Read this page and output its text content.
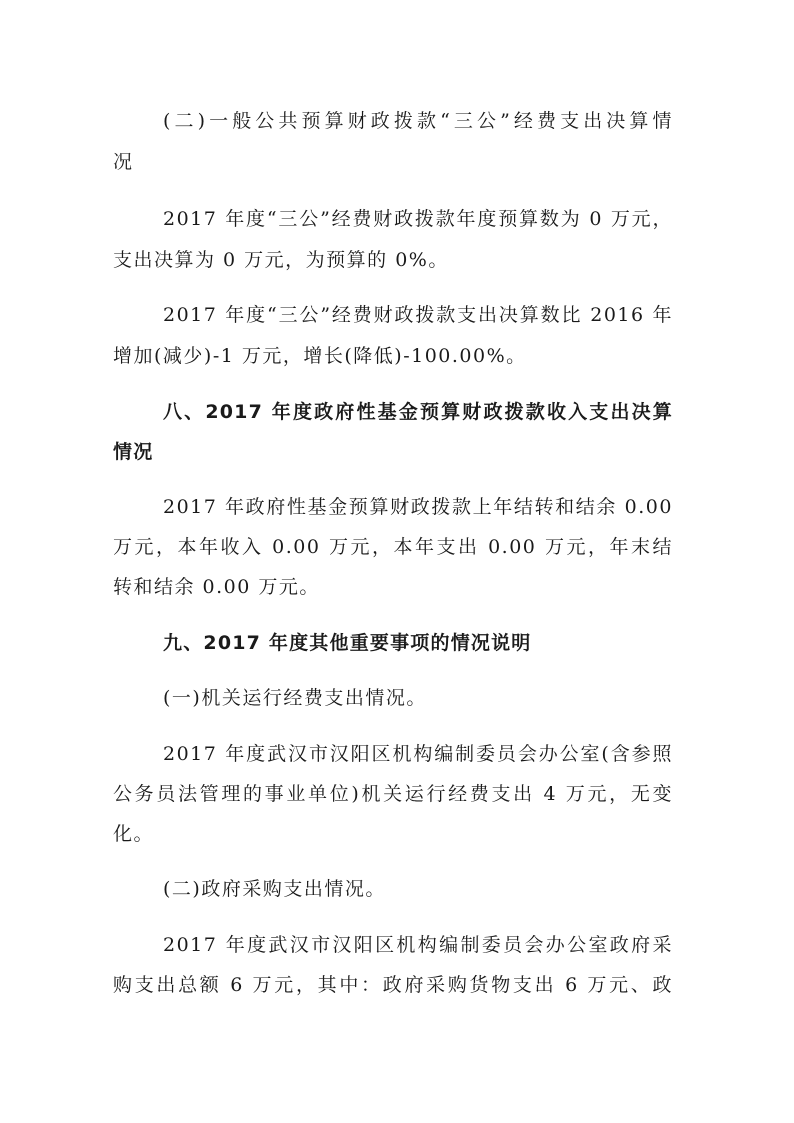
(二)一般公共预算财政拨款“三公”经费支出决算情
况
2017 年度“三公”经费财政拨款年度预算数为 0 万元，
支出决算为 0 万元，为预算的 0%。
2017 年度“三公”经费财政拨款支出决算数比 2016 年
增加(减少)-1 万元，增长(降低)-100.00%。
八、2017 年度政府性基金预算财政拨款收入支出决算
情况
2017 年政府性基金预算财政拨款上年结转和结余 0.00
万元，本年收入 0.00 万元，本年支出 0.00 万元，年末结
转和结余 0.00 万元。
九、2017 年度其他重要事项的情况说明
(一)机关运行经费支出情况。
2017 年度武汉市汉阳区机构编制委员会办公室(含参照
公务员法管理的事业单位)机关运行经费支出 4 万元，无变
化。
(二)政府采购支出情况。
2017 年度武汉市汉阳区机构编制委员会办公室政府采
购支出总额 6 万元，其中：政府采购货物支出 6 万元、政
